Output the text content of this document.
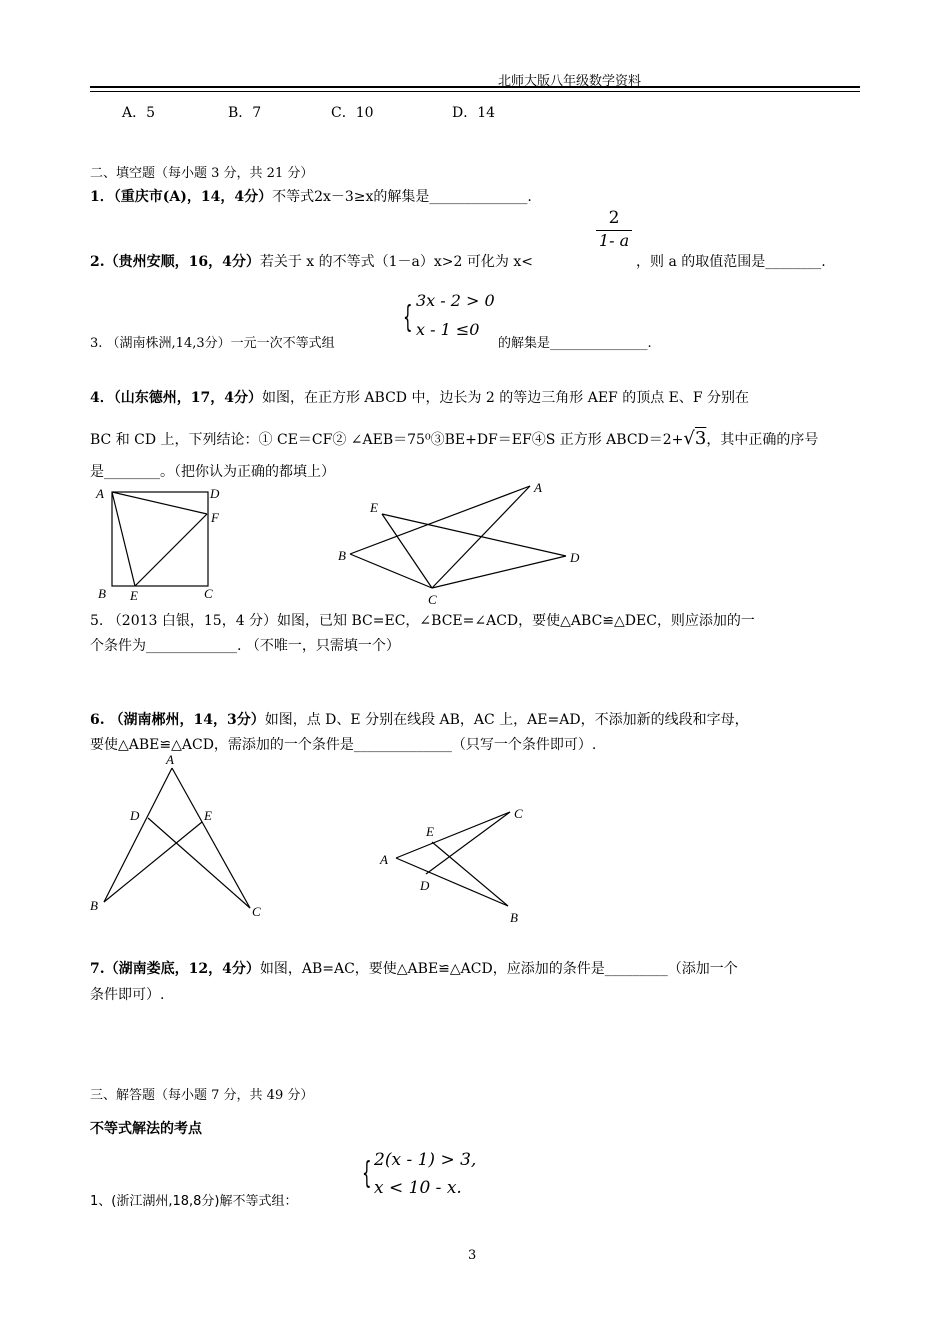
北师大版八年级数学资料
A．5	B．7	C．10	D．14
二、填空题（每小题 3 分，共 21 分）
1．（重庆市(A)，14，4分）不等式2x－3≥x的解集是______________.
2.（贵州安顺，16，4分）若关于 x 的不等式（1－a）x>2 可化为 x<
2
1- a
，则 a 的取值范围是________.
3. （湖南株洲,14,3分）一元一次不等式组
{ 3x - 2 > 0
x - 1 ≤0
的解集是_______________.
4．（山东德州，17，4分）如图，在正方形 ABCD 中，边长为 2 的等边三角形 AEF 的顶点 E、F 分别在
BC 和 CD 上，下列结论：① CE＝CF② ∠AEB＝75⁰③BE+DF＝EF④S 正方形 ABCD＝2+√3，其中正确的序号
是________。（把你认为正确的都填上）
A	D
F
B E	C
A
E
B	D
C
5. （2013 白银，15，4 分）如图，已知 BC=EC，∠BCE=∠ACD，要使△ABC≌△DEC，则应添加的一
个条件为_____________. （不唯一，只需填一个）
6. （湖南郴州，14，3分）如图，点 D、E 分别在线段 AB，AC 上，AE=AD，不添加新的线段和字母，
要使△ABE≌△ACD，需添加的一个条件是______________（只写一个条件即可）.
A
D	E
B	C
E
C
A
D
B
7.（湖南娄底，12，4分）如图，AB=AC，要使△ABE≌△ACD，应添加的条件是_________（添加一个
条件即可）.
三、解答题（每小题 7 分，共 49 分）
不等式解法的考点
1、(浙江湖州,18,8分)解不等式组：
{ 2(x - 1) > 3,
x < 10 - x.
3
